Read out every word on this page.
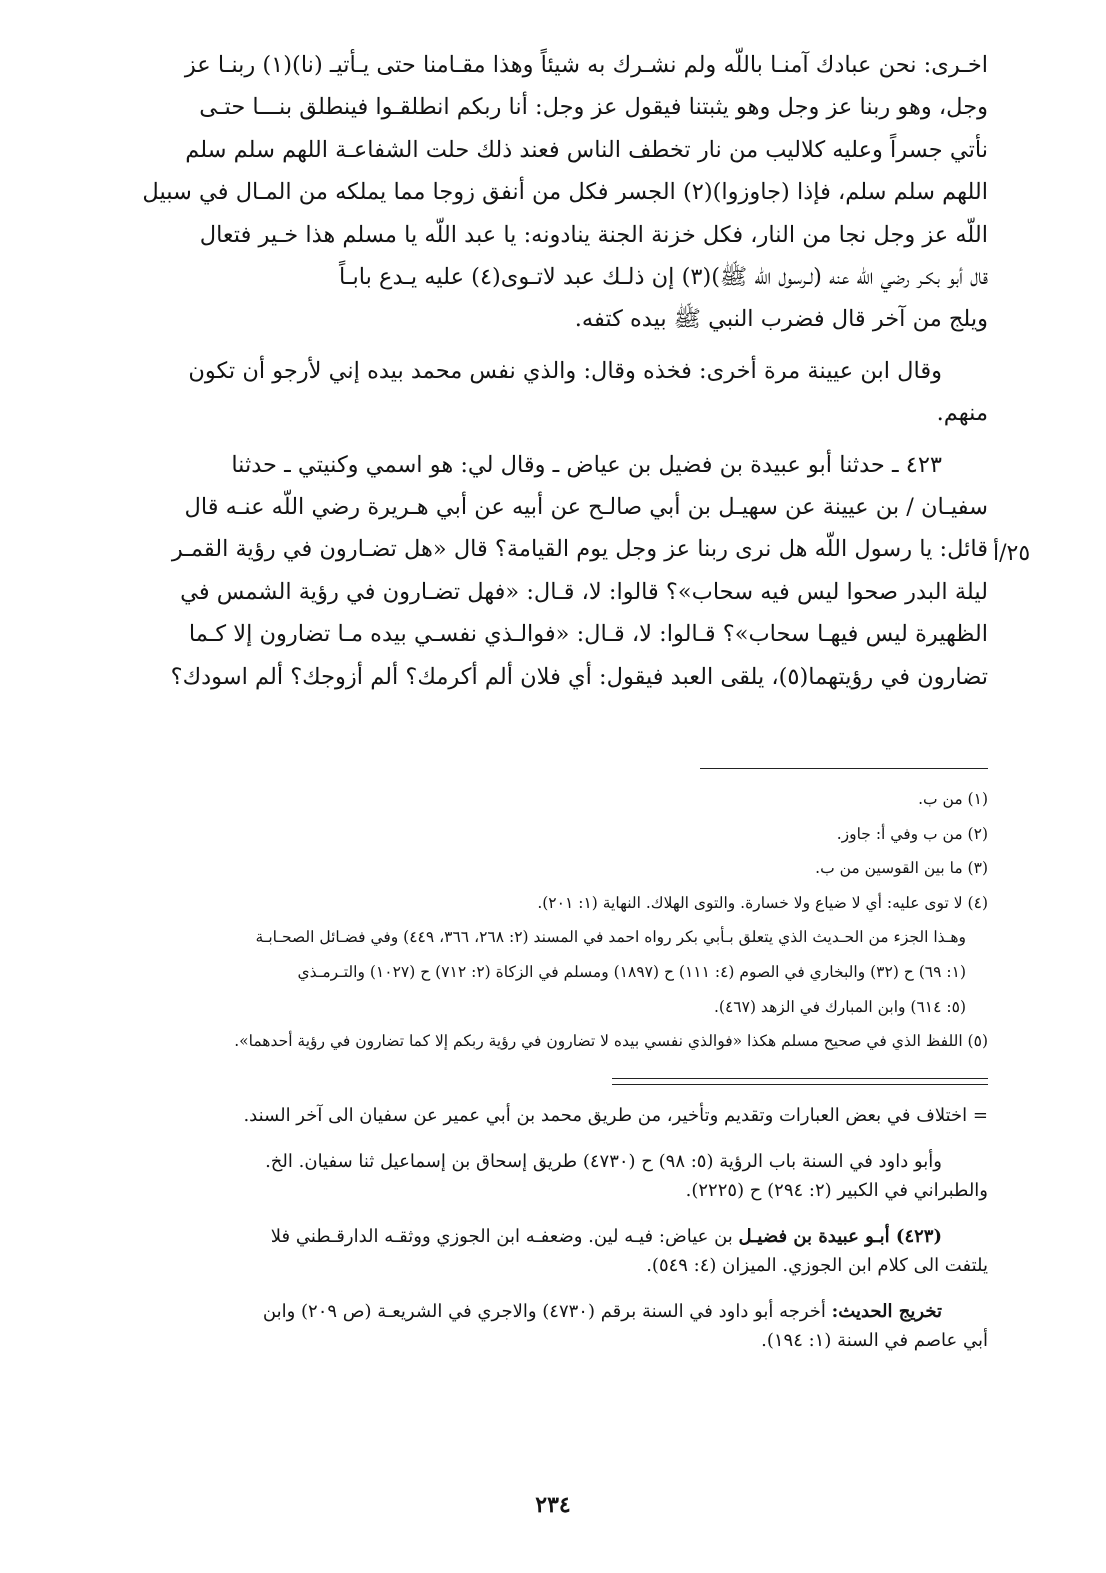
اخـرى: نحن عبادك آمنـا باللّه ولم نشـرك به شيئاً وهذا مقـامنا حتى يـأتيـ (نا)(١) ربنـا عز

وجل، وهو ربنا عز وجل وهو يثبتنا فيقول عز وجل: أنا ربكم انطلقـوا فينطلق بنـــا حتـى

نأتي جسراً وعليه كلاليب من نار تخطف الناس فعند ذلك حلت الشفاعـة اللهم سلم سلم

اللهم سلم سلم، فإذا (جاوزوا)(٢) الجسر فكل من أنفق زوجا مما يملكه من المـال في سبيل

اللّه عز وجل نجا من النار، فكل خزنة الجنة ينادونه: يا عبد اللّه يا مسلم هذا خـير فتعال

قال أبو بكـر رضي اللّه عنه (لـرسول اللّه ﷺ)(٣) إن ذلـك عبد لاتـوى(٤) عليه يـدع بابـاً

ويلج من آخر قال فضرب النبي ﷺ بيده كتفه.

وقال ابن عيينة مرة أخرى: فخذه وقال: والذي نفس محمد بيده إني لأرجو أن تكون

منهم.

٤٢٣ ـ حدثنا أبو عبيدة بن فضيل بن عياض ـ وقال لي: هو اسمي وكنيتي ـ حدثنا

سفيـان / بن عيينة عن سهيـل بن أبي صالـح عن أبيه عن أبي هـريرة رضي اللّه عنـه قال

قائل: يا رسول اللّه هل نرى ربنا عز وجل يوم القيامة؟ قال «هل تضـارون في رؤية القمـر

ليلة البدر صحوا ليس فيه سحاب»؟ قالوا: لا، قـال: «فهل تضـارون في رؤية الشمس في

الظهيرة ليس فيهـا سحاب»؟ قـالوا: لا، قـال: «فوالـذي نفسـي بيده مـا تضارون إلا كـما

تضارون في رؤيتهما(٥)، يلقى العبد فيقول: أي فلان ألم أكرمك؟ ألم أزوجك؟ ألم اسودك؟

٢٥/أ

(١) من ب.

(٢) من ب وفي أ: جاوز.

(٣) ما بين القوسين من ب.

(٤) لا توى عليه: أي لا ضياع ولا خسارة. والتوى الهلاك. النهاية (١: ٢٠١).

وهـذا الجزء من الحـديث الذي يتعلق بـأبي بكر رواه احمد في المسند (٢: ٢٦٨، ٣٦٦، ٤٤٩) وفي فضـائل الصحـابـة

(١: ٦٩) ح (٣٢) والبخاري في الصوم (٤: ١١١) ح (١٨٩٧) ومسلم في الزكاة (٢: ٧١٢) ح (١٠٢٧) والتـرمـذي

(٥: ٦١٤) وابن المبارك في الزهد (٤٦٧).

(٥) اللفظ الذي في صحيح مسلم هكذا «فوالذي نفسي بيده لا تضارون في رؤية ربكم إلا كما تضارون في رؤية أحدهما».

= اختلاف في بعض العبارات وتقديم وتأخير، من طريق محمد بن أبي عمير عن سفيان الى آخر السند.

وأبو داود في السنة باب الرؤية (٥: ٩٨) ح (٤٧٣٠) طريق إسحاق بن إسماعيل ثنا سفيان. الخ.

والطبراني في الكبير (٢: ٢٩٤) ح (٢٢٢٥).

(٤٢٣) أبـو عبيدة بن فضيـل بن عياض: فيـه لين. وضعفـه ابن الجوزي ووثقـه الدارقـطني فلا

يلتفت الى كلام ابن الجوزي. الميزان (٤: ٥٤٩).

تخريج الحديث: أخرجه أبو داود في السنة برقم (٤٧٣٠) والاجري في الشريعـة (ص ٢٠٩) وابن

أبي عاصم في السنة (١: ١٩٤).

٢٣٤
